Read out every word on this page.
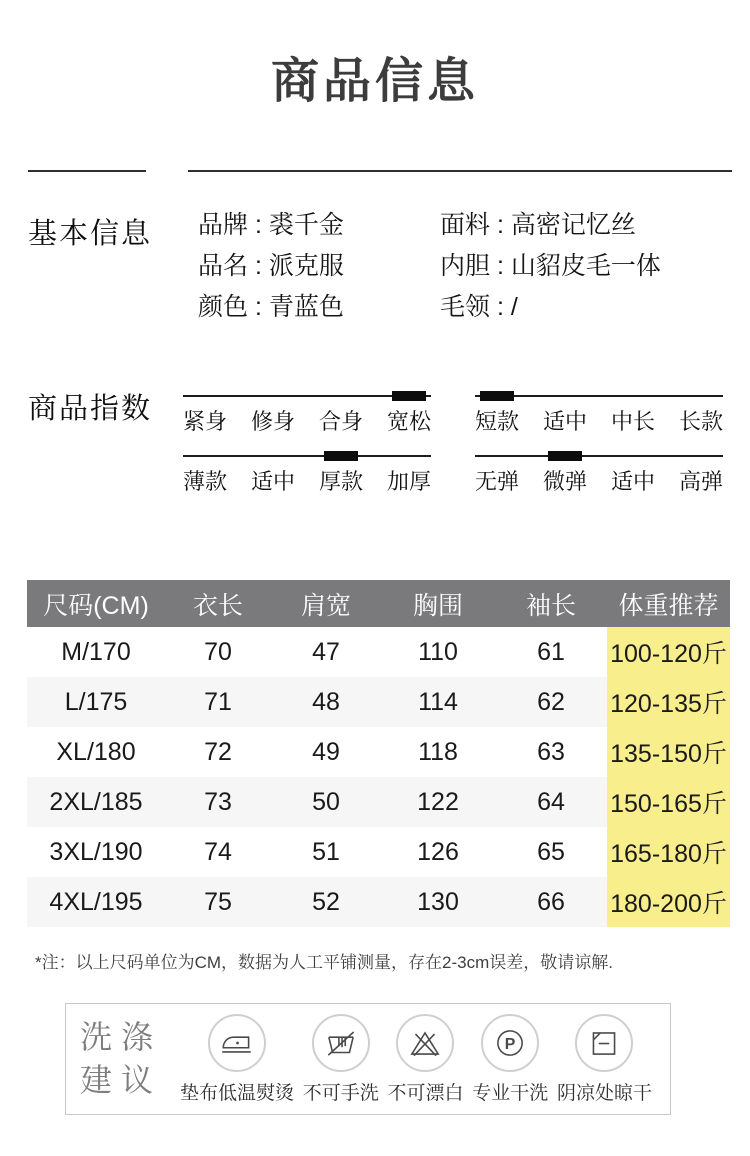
商品信息
基本信息 品牌 : 裘千金
品名 : 派克服
颜色 : 青蓝色
面料 : 高密记忆丝
内胆 : 山貂皮毛一体
毛领 : /
商品指数 紧身 修身 合身 宽松 短款 适中 中长 长款
薄款 适中 厚款 加厚 无弹 微弹 适中 高弹
尺码(CM)	衣长	肩宽	胸围	袖长	体重推荐
M/170	70	47	110	61	100-120斤
L/175	71	48	114	62	120-135斤
XL/180	72	49	118	63	135-150斤
2XL/185	73	50	122	64	150-165斤
3XL/190	74	51	126	65	165-180斤
4XL/195	75	52	130	66	180-200斤
*注：以上尺码单位为CM，数据为人工平铺测量，存在2-3cm误差，敬请谅解.
洗涤
建议 垫布低温熨烫 不可手洗 不可漂白
P
专业干洗 阴凉处晾干
